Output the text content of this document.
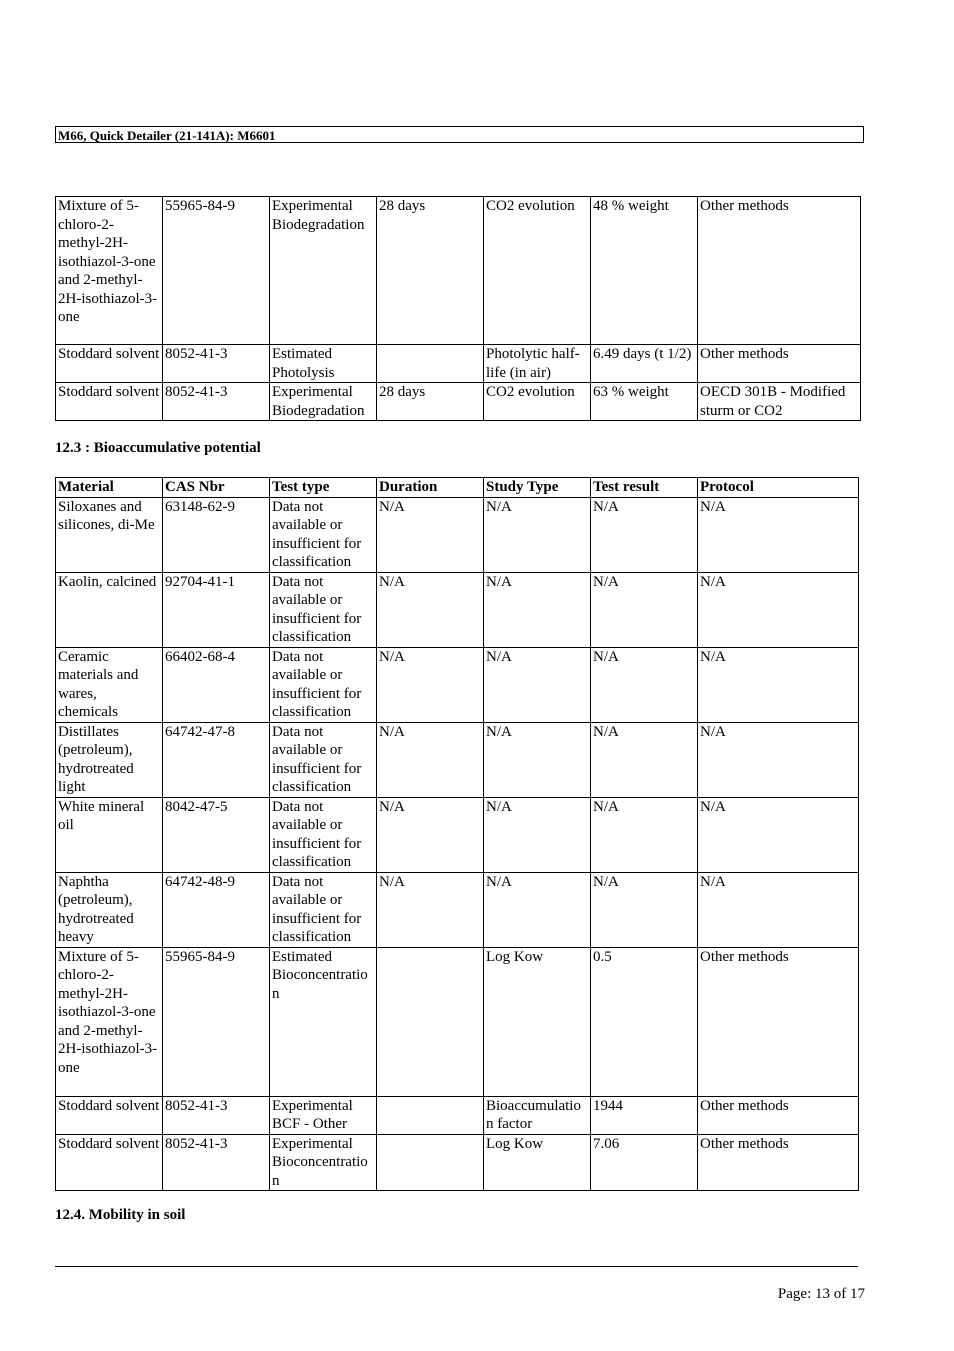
M66, Quick Detailer (21-141A): M6601
Mixture of 5-chloro-2-methyl-2H-isothiazol-3-one and 2-methyl-2H-isothiazol-3-one	55965-84-9	Experimental Biodegradation	28 days	CO2 evolution	48 % weight	Other methods
Stoddard solvent	8052-41-3	Estimated Photolysis		Photolytic half-life (in air)	6.49 days (t 1/2)	Other methods
Stoddard solvent	8052-41-3	Experimental Biodegradation	28 days	CO2 evolution	63 % weight	OECD 301B - Modified sturm or CO2
12.3 : Bioaccumulative potential
Material	CAS Nbr	Test type	Duration	Study Type	Test result	Protocol
Siloxanes and silicones, di-Me	63148-62-9	Data not available or insufficient for classification	N/A	N/A	N/A	N/A
Kaolin, calcined	92704-41-1	Data not available or insufficient for classification	N/A	N/A	N/A	N/A
Ceramic materials and wares, chemicals	66402-68-4	Data not available or insufficient for classification	N/A	N/A	N/A	N/A
Distillates (petroleum), hydrotreated light	64742-47-8	Data not available or insufficient for classification	N/A	N/A	N/A	N/A
White mineral oil	8042-47-5	Data not available or insufficient for classification	N/A	N/A	N/A	N/A
Naphtha (petroleum), hydrotreated heavy	64742-48-9	Data not available or insufficient for classification	N/A	N/A	N/A	N/A
Mixture of 5-chloro-2-methyl-2H-isothiazol-3-one and 2-methyl-2H-isothiazol-3-one	55965-84-9	Estimated Bioconcentration		Log Kow	0.5	Other methods
Stoddard solvent	8052-41-3	Experimental BCF - Other		Bioaccumulation factor	1944	Other methods
Stoddard solvent	8052-41-3	Experimental Bioconcentration		Log Kow	7.06	Other methods
12.4. Mobility in soil
Page: 13 of 17
